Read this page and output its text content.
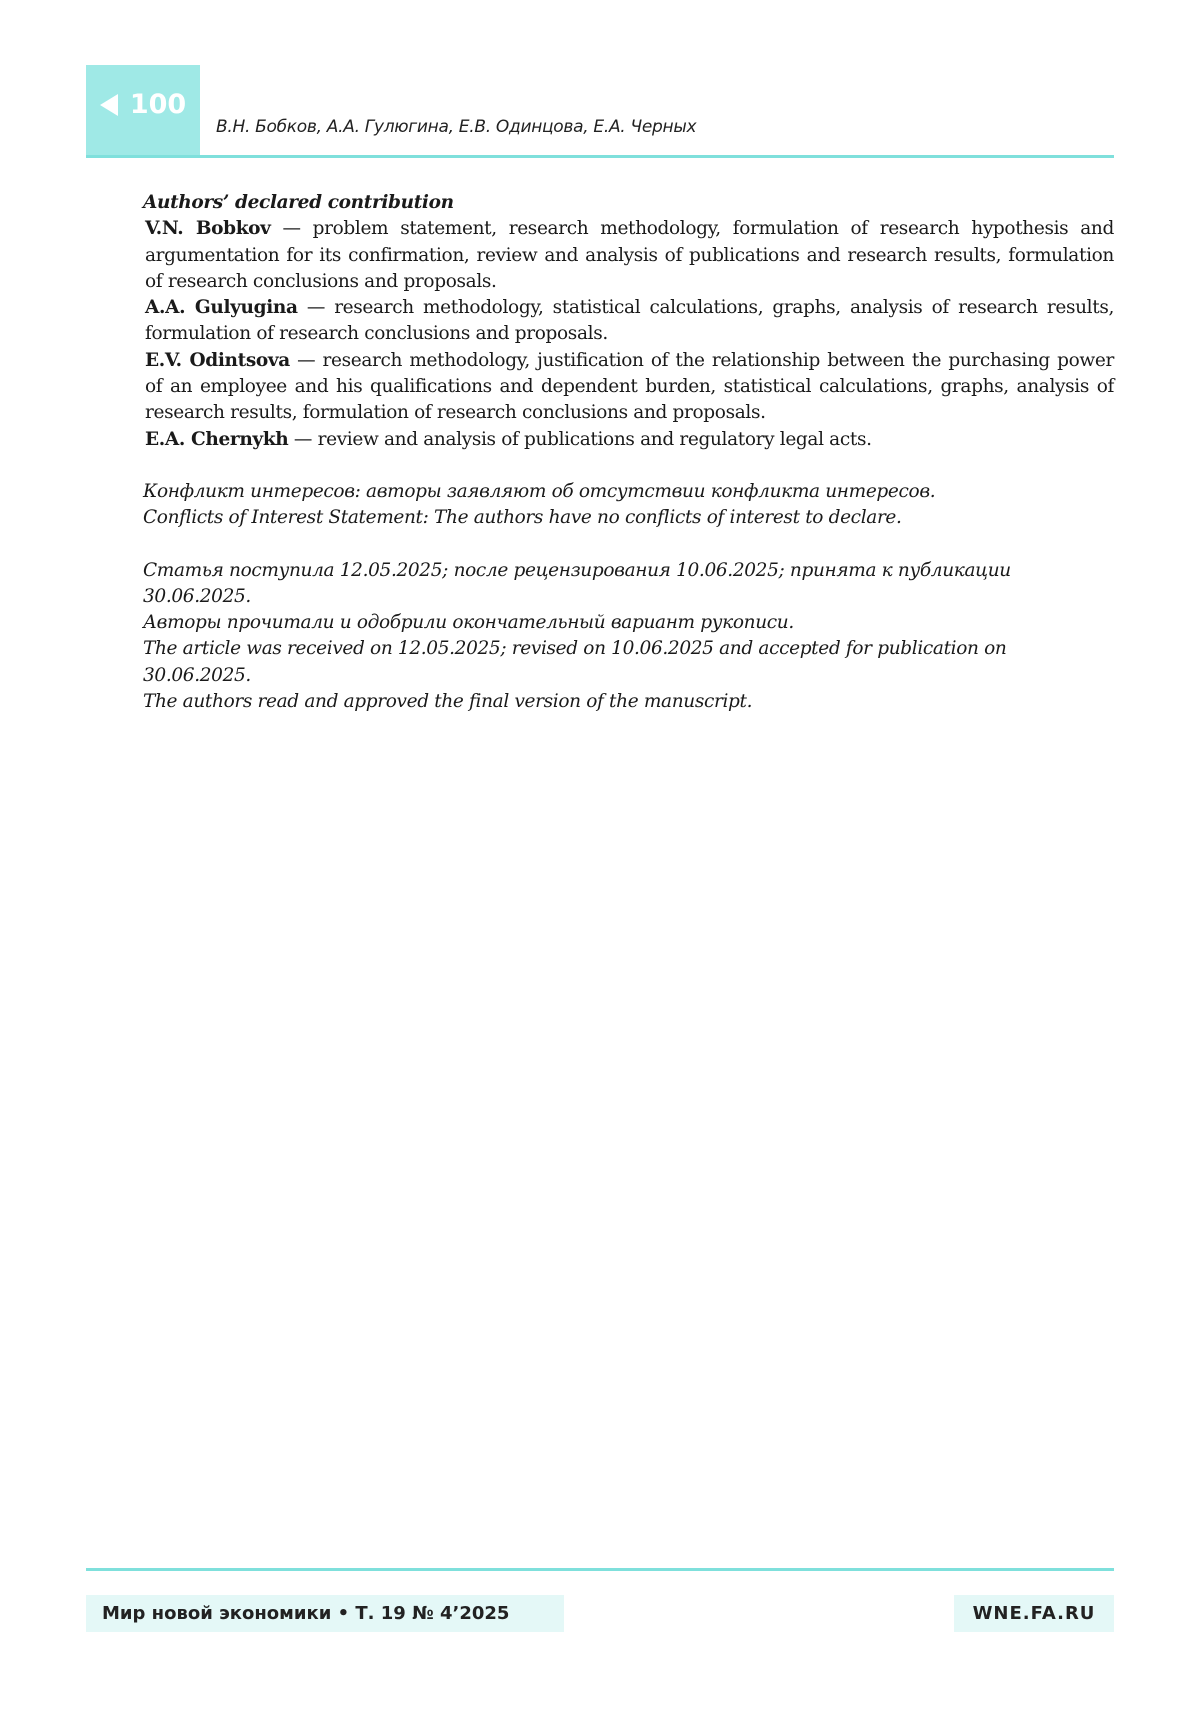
100
В.Н. Бобков, А.А. Гулюгина, Е.В. Одинцова, Е.А. Черных

Authors’ declared contribution

V.N. Bobkov — problem statement, research methodology, formulation of research hypothesis and argumentation for its confirmation, review and analysis of publications and research results, formulation of research conclusions and proposals.

A.A. Gulyugina — research methodology, statistical calculations, graphs, analysis of research results, formulation of research conclusions and proposals.

E.V. Odintsova — research methodology, justification of the relationship between the purchasing power of an employee and his qualifications and dependent burden, statistical calculations, graphs, analysis of research results, formulation of research conclusions and proposals.

E.A. Chernykh — review and analysis of publications and regulatory legal acts.

Конфликт интересов: авторы заявляют об отсутствии конфликта интересов.

Conflicts of Interest Statement: The authors have no conflicts of interest to declare.

Статья поступила 12.05.2025; после рецензирования 10.06.2025; принята к публикации 30.06.2025.

Авторы прочитали и одобрили окончательный вариант рукописи.

The article was received on 12.05.2025; revised on 10.06.2025 and accepted for publication on 30.06.2025.

The authors read and approved the final version of the manuscript.

Мир новой экономики • Т. 19 № 4’2025	WNE.FA.RU
